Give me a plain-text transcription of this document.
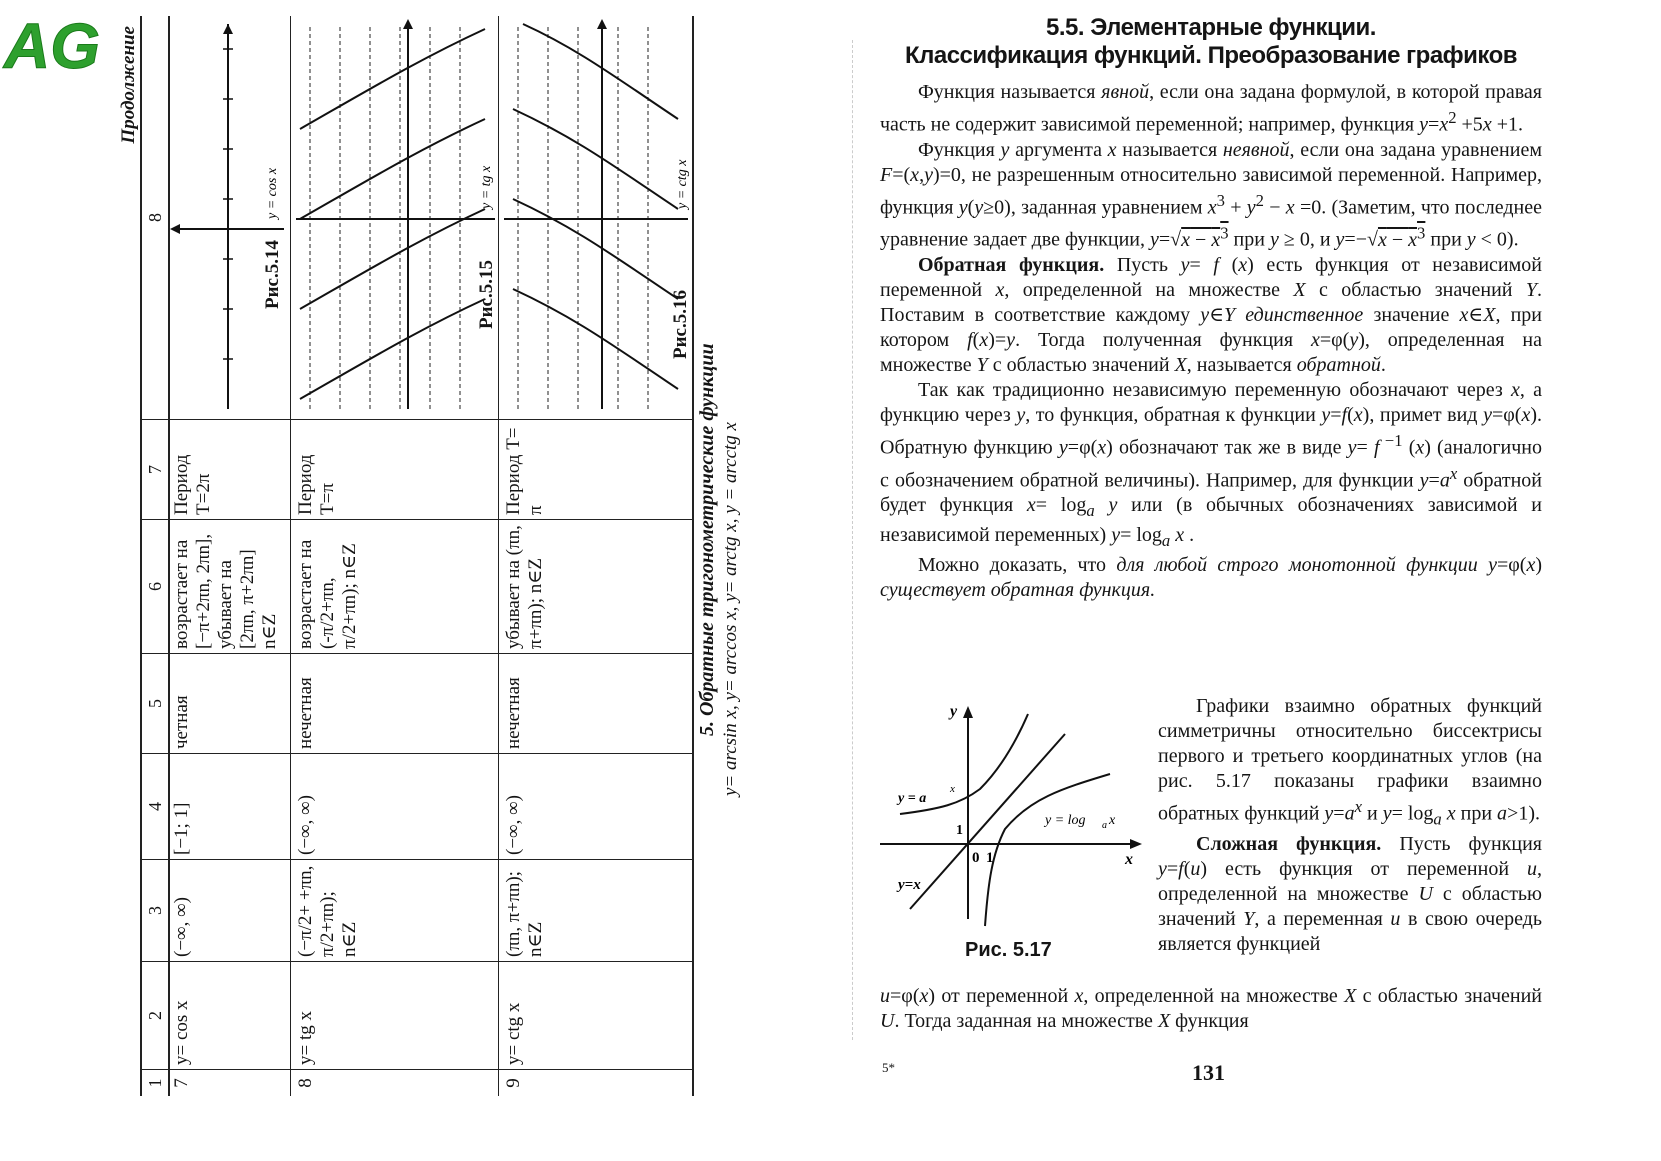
AG Продолжение
1
2
3
4
5
6
7
8
7
y= cos x
(−∞, ∞)
[−1; 1]
четная
возрастает на [−π+2πn, 2πn], убывает на [2πn, π+2πn] n∈Z
Период T=2π
y = cos x
Рис.5.14
8
y= tg x
(−π/2+ +πn, π/2+πn); n∈Z
(−∞, ∞)
нечетная
возрастает на (-π/2+πn, π/2+πn); n∈Z
Период T=π
y = tg x
Рис.5.15
9
y= ctg x
(πn, π+πn); n∈Z
(−∞, ∞)
нечетная
убывает на (πn, π+πn); n∈Z
Период T= π
y = ctg x
Рис.5.16
5. Обратные тригонометрические функции y= arcsin x, y= arccos x, y= arctg x, y = arcctg x
5.5. Элементарные функции.
Классификация функций. Преобразование графиков

Функция называется явной, если она задана формулой, в которой правая часть не содержит зависимой переменной; например, функция $y=x^2 +5x +1$.

Функция y аргумента x называется неявной, если она задана уравнением F=(x,y)=0, не разрешенным относительно зависимой переменной. Например, функция y(y≥0), заданная уравнением $x^3 + y^2 - x =0$. (Заметим, что последнее уравнение задает две функции, $y=√x - x^3$ при y ≥ 0, и $y=-√x - x^3$ при y < 0).

Обратная функция. Пусть y= f (x) есть функция от независимой переменной x, определенной на множестве X с областью значений Y. Поставим в соответствие каждому y∈Y единственное значение x∈X, при котором f(x)=y. Тогда полученная функция x=φ(y), определенная на множестве Y с областью значений X, называется обратной.

Так как традиционно независимую переменную обозначают через x, а функцию через y, то функция, обратная к функции y=f(x), примет вид y=φ(x). Обратную функцию y=φ(x) обозначают так же в виде y= f $^{-1}$ (x) (аналогично с обозначением обратной величины). Например, для функции $y=a^x$ обратной будет функция $x= \log_a y$ или (в обычных обозначениях зависимой и независимой переменных) $y= \log_a x$ .

Можно доказать, что для любой строго монотонной функции y=φ(x) существует обратная функция.

y
x
y = a
x
y = log a x
y=x
0 1
1
Рис. 5.17

Графики взаимно обратных функций симметричны относительно биссектрисы первого и третьего координатных углов (на рис. 5.17 показаны графики взаимно обратных функций $y=a^x$ и $y= \log_a x$ при a>1).

Сложная функция. Пусть функция y=f(u) есть функция от переменной u, определенной на множестве U с областью значений Y, а переменная u в свою очередь является функцией

u=φ(x) от переменной x, определенной на множестве X с областью значений U. Тогда заданная на множестве X функция

5*	131
